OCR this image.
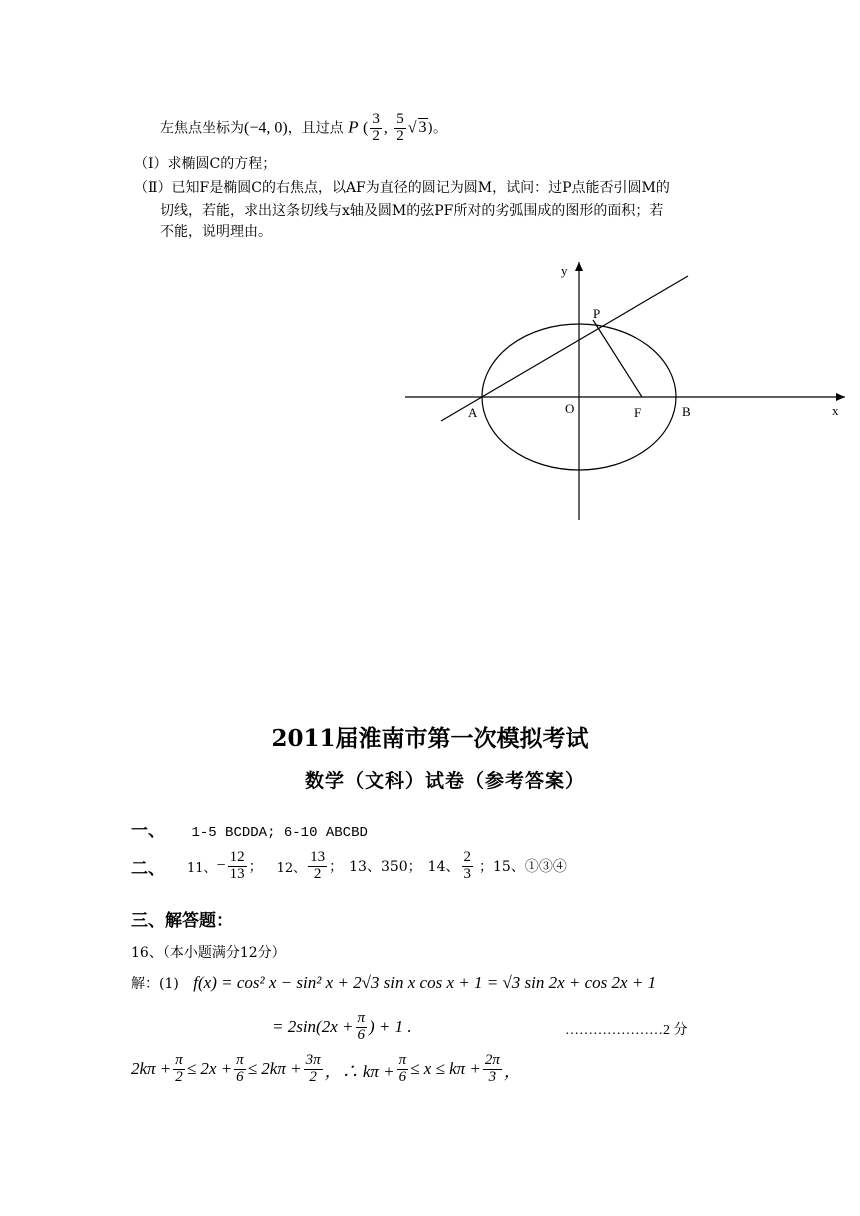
左焦点坐标为(−4, 0)，且过点 P ( $\frac{3}{2}$ , $\frac{5}{2}$ √ 3)。
（Ⅰ）求椭圆C的方程；
（Ⅱ）已知F是椭圆C的右焦点，以AF为直径的圆记为圆M，试问：过P点能否引圆M的
切线，若能，求出这条切线与x轴及圆M的弦PF所对的劣弧围成的图形的面积；若
不能，说明理由。
y
x
P
A	O	F	B
2011届淮南市第一次模拟考试
数学（文科）试卷（参考答案）
一、 1-5 BCDDA; 6-10 ABCBD
二、 11、 − $\frac{12}{13}$ ； 12、 $\frac{13}{2}$ ； 13、350； 14、 $\frac{2}{3}$ ；15、①③④
三、解答题：
16、（本小题满分12分）
解：(1) f(x) = cos² x − sin² x + 2√3 sin x cos x + 1 = √3 sin 2x + cos 2x + 1
= $2\sin(2x + \frac{\pi}{6}$ ) + 1 .	…………………2 分
$2k\pi + \frac{\pi}{2} \le 2x + \frac{\pi}{6} \le 2k\pi + \frac{3\pi}{2}$ ，∴ $k\pi + \frac{\pi}{6} \le x \le k\pi + \frac{2\pi}{3}$ ，
